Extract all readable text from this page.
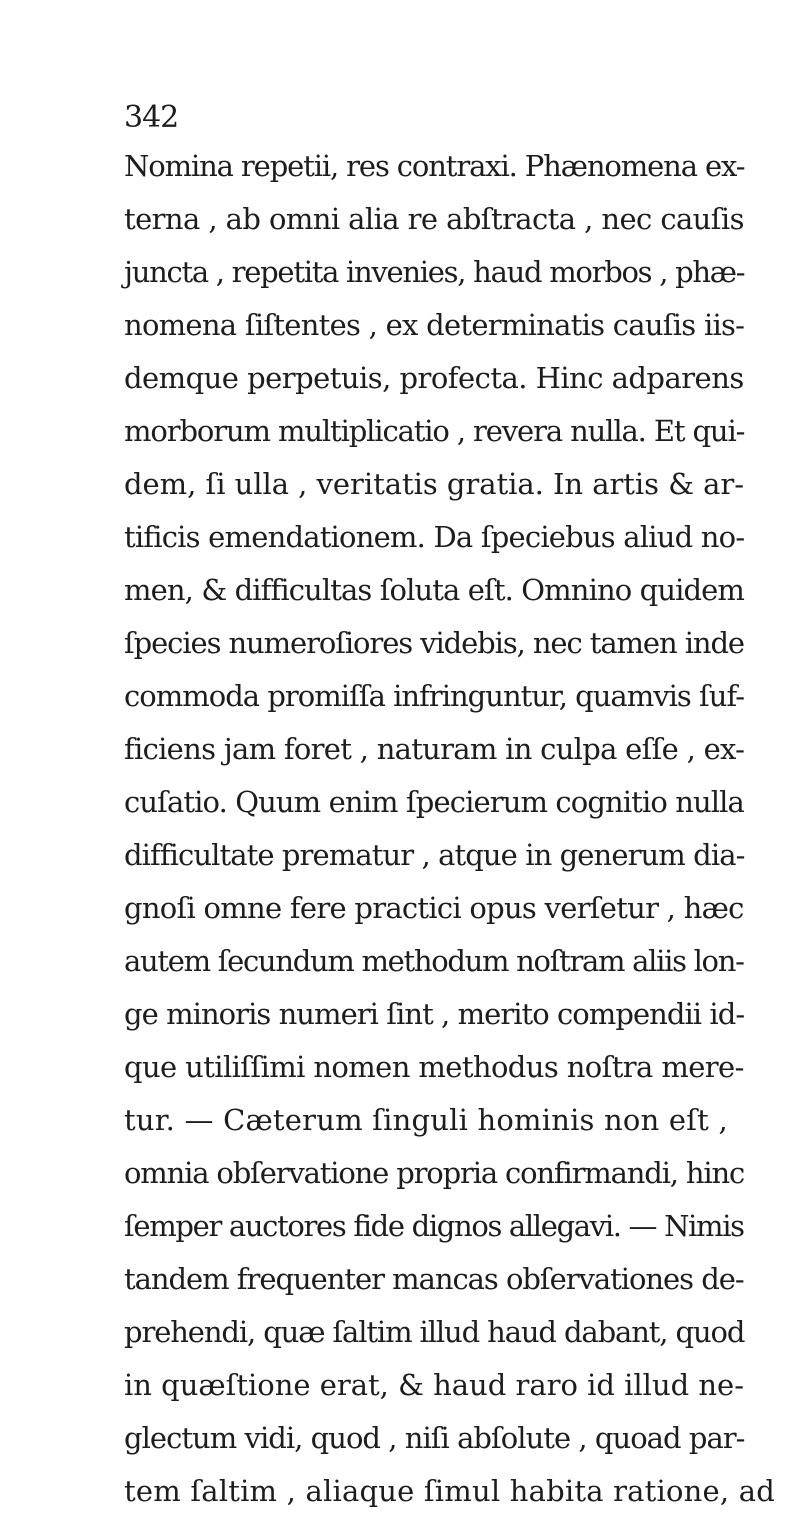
342
Nomina repetii, res contraxi. Phænomena ex-
terna , ab omni alia re abſtracta , nec cauſis
juncta , repetita invenies, haud morbos , phæ-
nomena ſiſtentes , ex determinatis cauſis iis-
demque perpetuis, profecta. Hinc adparens
morborum multiplicatio , revera nulla. Et qui-
dem, ſi ulla , veritatis gratia. In artis & ar-
tificis emendationem. Da ſpeciebus aliud no-
men, & difficultas ſoluta eſt. Omnino quidem
ſpecies numeroſiores videbis, nec tamen inde
commoda promiſſa infringuntur, quamvis ſuf-
ficiens jam foret , naturam in culpa eſſe , ex-
cuſatio. Quum enim ſpecierum cognitio nulla
difficultate prematur , atque in generum dia-
gnoſi omne fere practici opus verſetur , hæc
autem ſecundum methodum noſtram aliis lon-
ge minoris numeri ſint , merito compendii id-
que utiliſſimi nomen methodus noſtra mere-
tur. — Cæterum ſinguli hominis non eſt ,
omnia obſervatione propria confirmandi, hinc
ſemper auctores fide dignos allegavi. — Nimis
tandem frequenter mancas obſervationes de-
prehendi, quæ ſaltim illud haud dabant, quod
in quæſtione erat, & haud raro id illud ne-
glectum vidi, quod , niſi abſolute , quoad par-
tem ſaltim , aliaque ſimul habita ratione, ad
